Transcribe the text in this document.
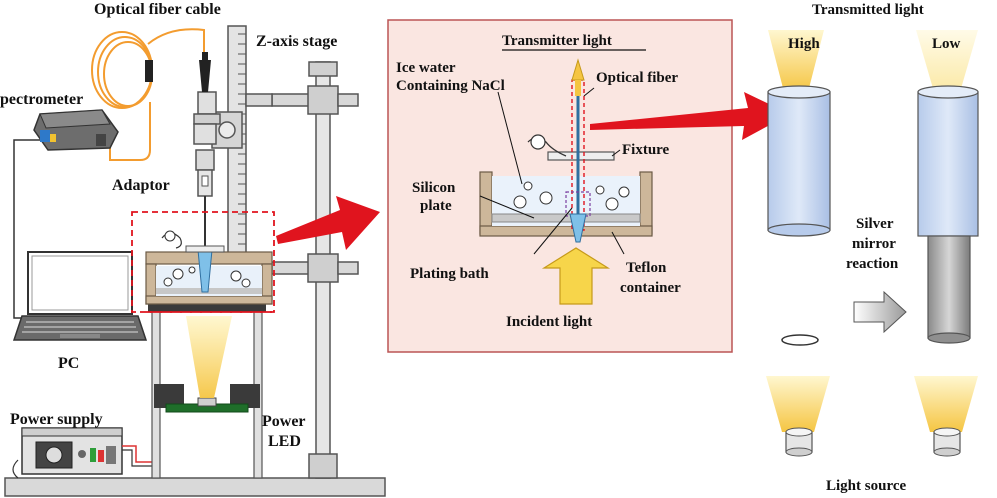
Optical fiber cable
Z-axis stage
pectrometer
Adaptor
PC
Power supply	Power
LED
Transmitter light
Ice water
Containing NaCl	Optical fiber
Fixture
Silicon
plate
Plating bath	Teflon
container
Incident light
Transmitted light
High	Low
Silver
mirror
reaction
Light source
